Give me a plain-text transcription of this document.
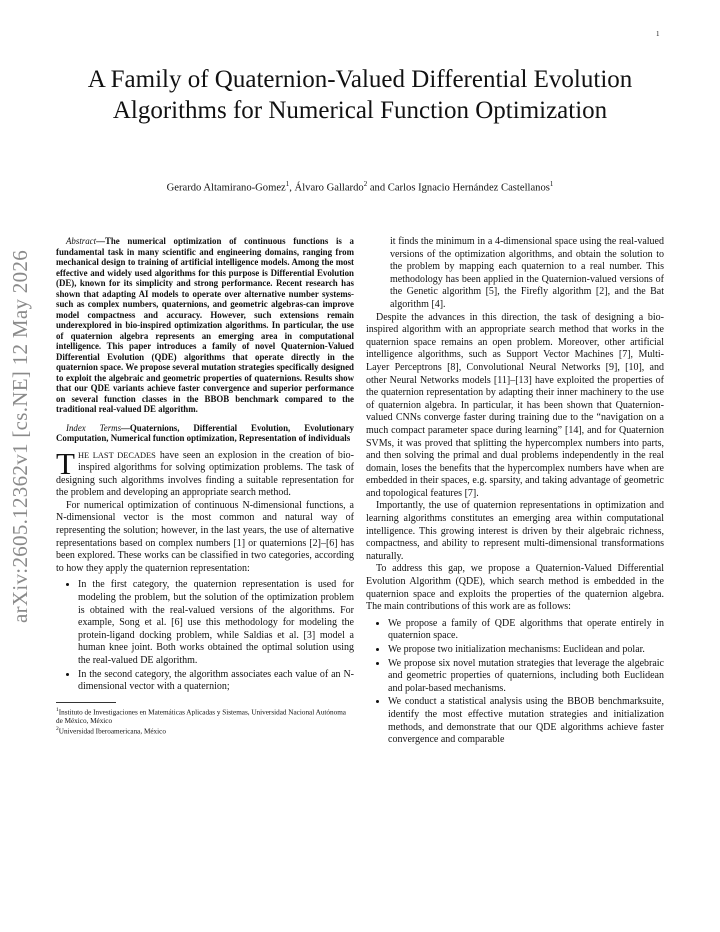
1
arXiv:2605.12362v1 [cs.NE] 12 May 2026
A Family of Quaternion-Valued Differential Evolution Algorithms for Numerical Function Optimization
Gerardo Altamirano-Gomez$^1$, Álvaro Gallardo$^2$ and Carlos Ignacio Hernández Castellanos$^1$

Abstract—The numerical optimization of continuous functions is a fundamental task in many scientific and engineering domains, ranging from mechanical design to training of artificial intelligence models. Among the most effective and widely used algorithms for this purpose is Differential Evolution (DE), known for its simplicity and strong performance. Recent research has shown that adapting AI models to operate over alternative number systems-such as complex numbers, quaternions, and geometric algebras-can improve model compactness and accuracy. However, such extensions remain underexplored in bio-inspired optimization algorithms. In particular, the use of quaternion algebra represents an emerging area in computational intelligence. This paper introduces a family of novel Quaternion-Valued Differential Evolution (QDE) algorithms that operate directly in the quaternion space. We propose several mutation strategies specifically designed to exploit the algebraic and geometric properties of quaternions. Results show that our QDE variants achieve faster convergence and superior performance on several function classes in the BBOB benchmark compared to the traditional real-valued DE algorithm.

Index Terms—Quaternions, Differential Evolution, Evolutionary Computation, Numerical function optimization, Representation of individuals

THE LAST DECADES have seen an explosion in the creation of bio-inspired algorithms for solving optimization problems. The task of designing such algorithms involves finding a suitable representation for the problem and developing an appropriate search method.

For numerical optimization of continuous N-dimensional functions, a N-dimensional vector is the most common and natural way of representing the solution; however, in the last years, the use of alternative representations based on complex numbers [1] or quaternions [2]–[6] has been explored. These works can be classified in two categories, according to how they apply the quaternion representation:

• In the first category, the quaternion representation is used for modeling the problem, but the solution of the optimization problem is obtained with the real-valued versions of the algorithms. For example, Song et al. [6] use this methodology for modeling the protein-ligand docking problem, while Saldias et al. [3] model a human knee joint. Both works obtained the optimal solution using the real-valued DE algorithm.
• In the second category, the algorithm associates each value of an N-dimensional vector with a quaternion;
$^1$Instituto de Investigaciones en Matemáticas Aplicadas y Sistemas, Universidad Nacional Autónoma de México, México
$^2$Universidad Iberoamericana, México

it finds the minimum in a 4-dimensional space using the real-valued versions of the optimization algorithms, and obtain the solution to the problem by mapping each quaternion to a real number. This methodology has been applied in the Quaternion-valued versions of the Genetic algorithm [5], the Firefly algorithm [2], and the Bat algorithm [4].

Despite the advances in this direction, the task of designing a bio-inspired algorithm with an appropriate search method that works in the quaternion space remains an open problem. Moreover, other artificial intelligence algorithms, such as Support Vector Machines [7], Multi-Layer Perceptrons [8], Convolutional Neural Networks [9], [10], and other Neural Networks models [11]–[13] have exploited the properties of the quaternion representation by adapting their inner machinery to the use of quaternion algebra. In particular, it has been shown that Quaternion-valued CNNs converge faster during training due to the “navigation on a much compact parameter space during learning” [14], and for Quaternion SVMs, it was proved that splitting the hypercomplex numbers into parts, and then solving the primal and dual problems independently in the real domain, loses the benefits that the hypercomplex numbers have when are embedded in their spaces, e.g. sparsity, and taking advantage of geometric and topological features [7].

Importantly, the use of quaternion representations in optimization and learning algorithms constitutes an emerging area within computational intelligence. This growing interest is driven by their algebraic richness, compactness, and ability to represent multi-dimensional transformations naturally.

To address this gap, we propose a Quaternion-Valued Differential Evolution Algorithm (QDE), which search method is embedded in the quaternion space and exploits the properties of the quaternion algebra. The main contributions of this work are as follows:

• We propose a family of QDE algorithms that operate entirely in quaternion space.
• We propose two initialization mechanisms: Euclidean and polar.
• We propose six novel mutation strategies that leverage the algebraic and geometric properties of quaternions, including both Euclidean and polar-based mechanisms.
• We conduct a statistical analysis using the BBOB benchmarksuite, identify the most effective mutation strategies and initialization methods, and demonstrate that our QDE algorithms achieve faster convergence and comparable
